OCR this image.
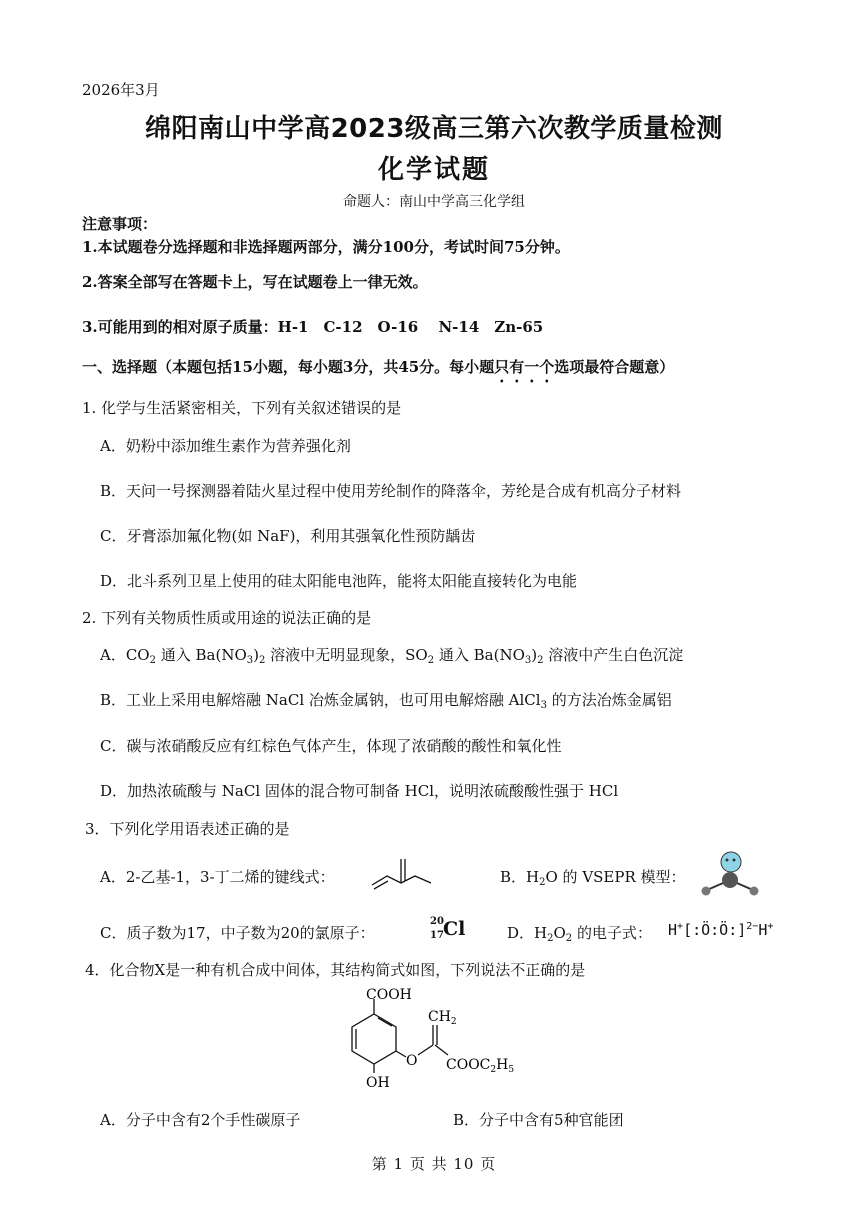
2026年3月
绵阳南山中学高2023级高三第六次教学质量检测
化学试题
命题人：南山中学高三化学组
注意事项：
1.本试题卷分选择题和非选择题两部分，满分100分，考试时间75分钟。
2.答案全部写在答题卡上，写在试题卷上一律无效。
3.可能用到的相对原子质量：H-1　C-12　O-16　 N-14　Zn-65
一、选择题（本题包括15小题，每小题3分，共45分。每小题只有一个选项最符合题意）
1. 化学与生活紧密相关，下列有关叙述错误的是
A．奶粉中添加维生素作为营养强化剂
B．天问一号探测器着陆火星过程中使用芳纶制作的降落伞，芳纶是合成有机高分子材料
C．牙膏添加氟化物(如 NaF)，利用其强氧化性预防龋齿
D．北斗系列卫星上使用的硅太阳能电池阵，能将太阳能直接转化为电能
2. 下列有关物质性质或用途的说法正确的是
A．$CO_2$ 通入 $Ba(NO_3)_2$ 溶液中无明显现象，$SO_2$ 通入 $Ba(NO_3)_2$ 溶液中产生白色沉淀
B．工业上采用电解熔融 NaCl 冶炼金属钠，也可用电解熔融 AlCl$_3$ 的方法冶炼金属铝
C．碳与浓硝酸反应有红棕色气体产生，体现了浓硝酸的酸性和氧化性
D．加热浓硫酸与 NaCl 固体的混合物可制备 HCl，说明浓硫酸酸性强于 HCl
3．下列化学用语表述正确的是
A．2-乙基-1，3-丁二烯的键线式：	B．$H_2O$ 的 VSEPR 模型：
C．质子数为17，中子数为20的氯原子：
20
17 Cl	D．$H_2O_2$ 的电子式： H+[:Ö:Ö:]$^{2-}$H+
4．化合物X是一种有机合成中间体，其结构简式如图，下列说法不正确的是
COOH
OH
O
$CH_2$
$COOC_2H_5$
A．分子中含有2个手性碳原子	B．分子中含有5种官能团
第 1 页 共 10 页
